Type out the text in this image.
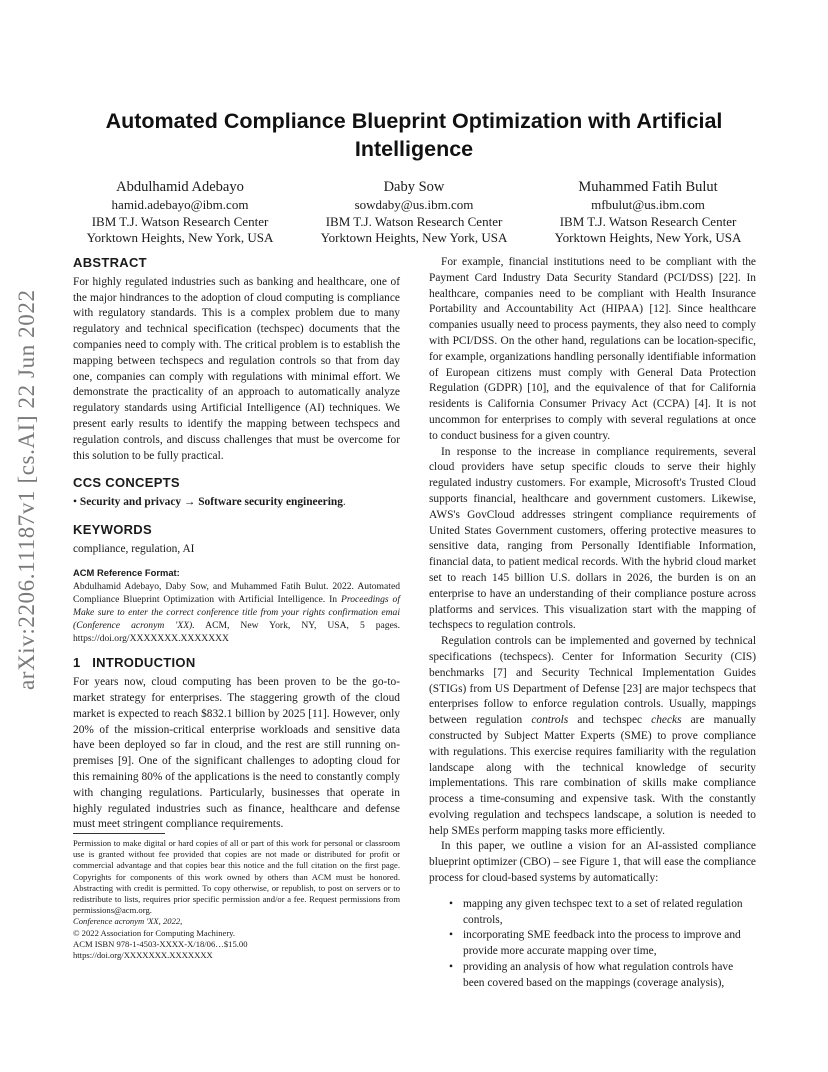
arXiv:2206.11187v1 [cs.AI] 22 Jun 2022
Automated Compliance Blueprint Optimization with Artificial Intelligence
Abdulhamid Adebayo
hamid.adebayo@ibm.com
IBM T.J. Watson Research Center
Yorktown Heights, New York, USA
Daby Sow
sowdaby@us.ibm.com
IBM T.J. Watson Research Center
Yorktown Heights, New York, USA
Muhammed Fatih Bulut
mfbulut@us.ibm.com
IBM T.J. Watson Research Center
Yorktown Heights, New York, USA
ABSTRACT

For highly regulated industries such as banking and healthcare, one of the major hindrances to the adoption of cloud computing is compliance with regulatory standards. This is a complex problem due to many regulatory and technical specification (techspec) documents that the companies need to comply with. The critical problem is to establish the mapping between techspecs and regulation controls so that from day one, companies can comply with regulations with minimal effort. We demonstrate the practicality of an approach to automatically analyze regulatory standards using Artificial Intelligence (AI) techniques. We present early results to identify the mapping between techspecs and regulation controls, and discuss challenges that must be overcome for this solution to be fully practical.

CCS CONCEPTS
• Security and privacy → Software security engineering.
KEYWORDS

compliance, regulation, AI

ACM Reference Format:

Abdulhamid Adebayo, Daby Sow, and Muhammed Fatih Bulut. 2022. Automated Compliance Blueprint Optimization with Artificial Intelligence. In Proceedings of Make sure to enter the correct conference title from your rights confirmation emai (Conference acronym 'XX). ACM, New York, NY, USA, 5 pages. https://doi.org/XXXXXXX.XXXXXXX

1   INTRODUCTION

For years now, cloud computing has been proven to be the go-to-market strategy for enterprises. The staggering growth of the cloud market is expected to reach $832.1 billion by 2025 [11]. However, only 20% of the mission-critical enterprise workloads and sensitive data have been deployed so far in cloud, and the rest are still running on-premises [9]. One of the significant challenges to adopting cloud for this remaining 80% of the applications is the need to constantly comply with changing regulations. Particularly, businesses that operate in highly regulated industries such as finance, healthcare and defense must meet stringent compliance requirements.

Permission to make digital or hard copies of all or part of this work for personal or classroom use is granted without fee provided that copies are not made or distributed for profit or commercial advantage and that copies bear this notice and the full citation on the first page. Copyrights for components of this work owned by others than ACM must be honored. Abstracting with credit is permitted. To copy otherwise, or republish, to post on servers or to redistribute to lists, requires prior specific permission and/or a fee. Request permissions from permissions@acm.org.
Conference acronym 'XX, 2022,
© 2022 Association for Computing Machinery.
ACM ISBN 978-1-4503-XXXX-X/18/06…$15.00
https://doi.org/XXXXXXX.XXXXXXX

For example, financial institutions need to be compliant with the Payment Card Industry Data Security Standard (PCI/DSS) [22]. In healthcare, companies need to be compliant with Health Insurance Portability and Accountability Act (HIPAA) [12]. Since healthcare companies usually need to process payments, they also need to comply with PCI/DSS. On the other hand, regulations can be location-specific, for example, organizations handling personally identifiable information of European citizens must comply with General Data Protection Regulation (GDPR) [10], and the equivalence of that for California residents is California Consumer Privacy Act (CCPA) [4]. It is not uncommon for enterprises to comply with several regulations at once to conduct business for a given country.

In response to the increase in compliance requirements, several cloud providers have setup specific clouds to serve their highly regulated industry customers. For example, Microsoft's Trusted Cloud supports financial, healthcare and government customers. Likewise, AWS's GovCloud addresses stringent compliance requirements of United States Government customers, offering protective measures to sensitive data, ranging from Personally Identifiable Information, financial data, to patient medical records. With the hybrid cloud market set to reach 145 billion U.S. dollars in 2026, the burden is on an enterprise to have an understanding of their compliance posture across platforms and services. This visualization start with the mapping of techspecs to regulation controls.

Regulation controls can be implemented and governed by technical specifications (techspecs). Center for Information Security (CIS) benchmarks [7] and Security Technical Implementation Guides (STIGs) from US Department of Defense [23] are major techspecs that enterprises follow to enforce regulation controls. Usually, mappings between regulation controls and techspec checks are manually constructed by Subject Matter Experts (SME) to prove compliance with regulations. This exercise requires familiarity with the regulation landscape along with the technical knowledge of security implementations. This rare combination of skills make compliance process a time-consuming and expensive task. With the constantly evolving regulation and techspecs landscape, a solution is needed to help SMEs perform mapping tasks more efficiently.

In this paper, we outline a vision for an AI-assisted compliance blueprint optimizer (CBO) – see Figure 1, that will ease the compliance process for cloud-based systems by automatically:

• mapping any given techspec text to a set of related regulation controls,
• incorporating SME feedback into the process to improve and provide more accurate mapping over time,
• providing an analysis of how what regulation controls have been covered based on the mappings (coverage analysis),
